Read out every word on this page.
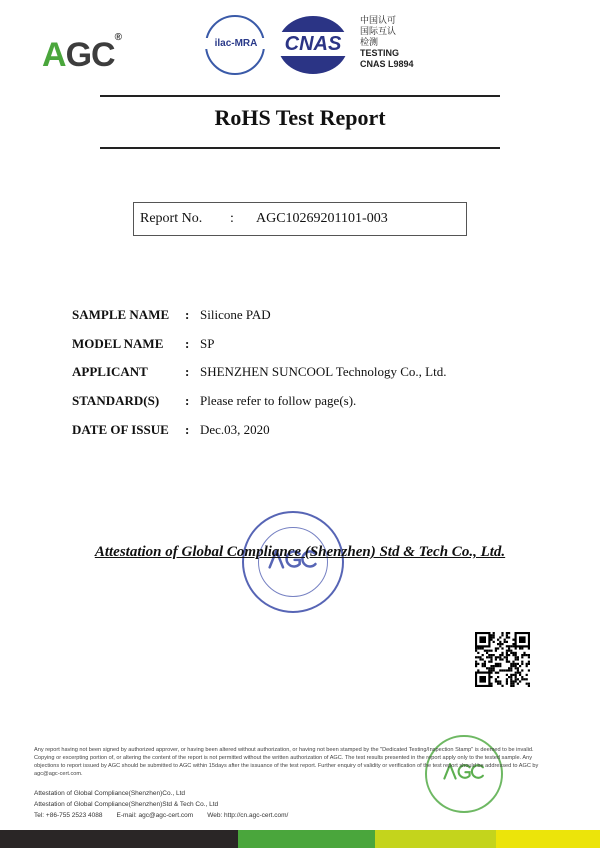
AGC®
ilac-MRA	CNAS
中国认可
国际互认
检测
TESTING
CNAS L9894
RoHS Test Report
Report No. : AGC10269201101-003
SAMPLE NAME : Silicone PAD
MODEL NAME : SP
APPLICANT	: SHENZHEN SUNCOOL Technology Co., Ltd.
STANDARD(S) : Please refer to follow page(s).
DATE OF ISSUE : Dec.03, 2020
Attestation of Global Compliance (Shenzhen) Std & Tech Co., Ltd.
Any report having not been signed by authorized approver, or having been altered without authorization, or having not been stamped by the "Dedicated Testing/Inspection Stamp" is deemed to be invalid. Copying or excerpting portion of, or altering the content of the report is not permitted without the written authorization of AGC. The test results presented in the report apply only to the tested sample. Any objections to report issued by AGC should be submitted to AGC within 15days after the issuance of the test report. Further enquiry of validity or verification of the test report should be addressed to AGC by agc@agc-cert.com.
Attestation of Global Compliance(Shenzhen)Co., Ltd
Attestation of Global Compliance(Shenzhen)Std & Tech Co., Ltd
Tel: +86-755 2523 4088 E-mail: agc@agc-cert.com Web: http://cn.agc-cert.com/
